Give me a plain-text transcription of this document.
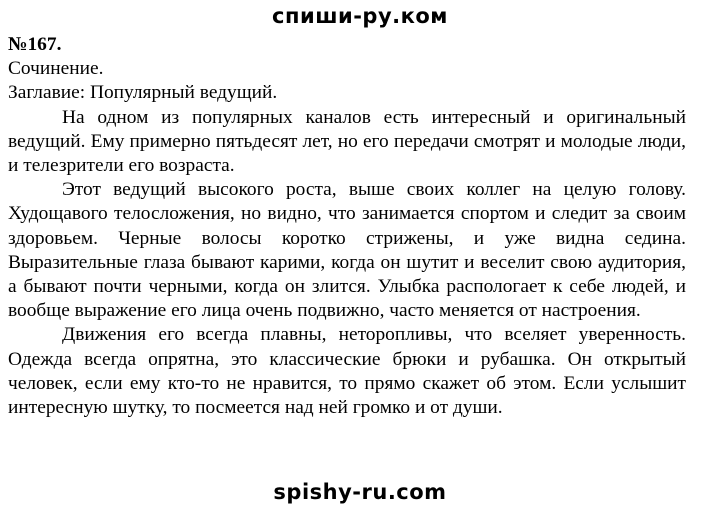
спиши-ру.ком

№167.

Сочинение.

Заглавие: Популярный ведущий.

На одном из популярных каналов есть интересный и оригинальный ведущий. Ему примерно пятьдесят лет, но его передачи смотрят и молодые люди, и телезрители его возраста.

Этот ведущий высокого роста, выше своих коллег на целую голову. Худощавого телосложения, но видно, что занимается спортом и следит за своим здоровьем. Черные волосы коротко стрижены, и уже видна седина. Выразительные глаза бывают карими, когда он шутит и веселит свою аудитория, а бывают почти черными, когда он злится. Улыбка распологает к себе людей, и вообще выражение его лица очень подвижно, часто меняется от настроения.

Движения его всегда плавны, неторопливы, что вселяет уверенность. Одежда всегда опрятна, это классические брюки и рубашка. Он открытый человек, если ему кто-то не нравится, то прямо скажет об этом. Если услышит интересную шутку, то посмеется над ней громко и от души.

spishy-ru.com
